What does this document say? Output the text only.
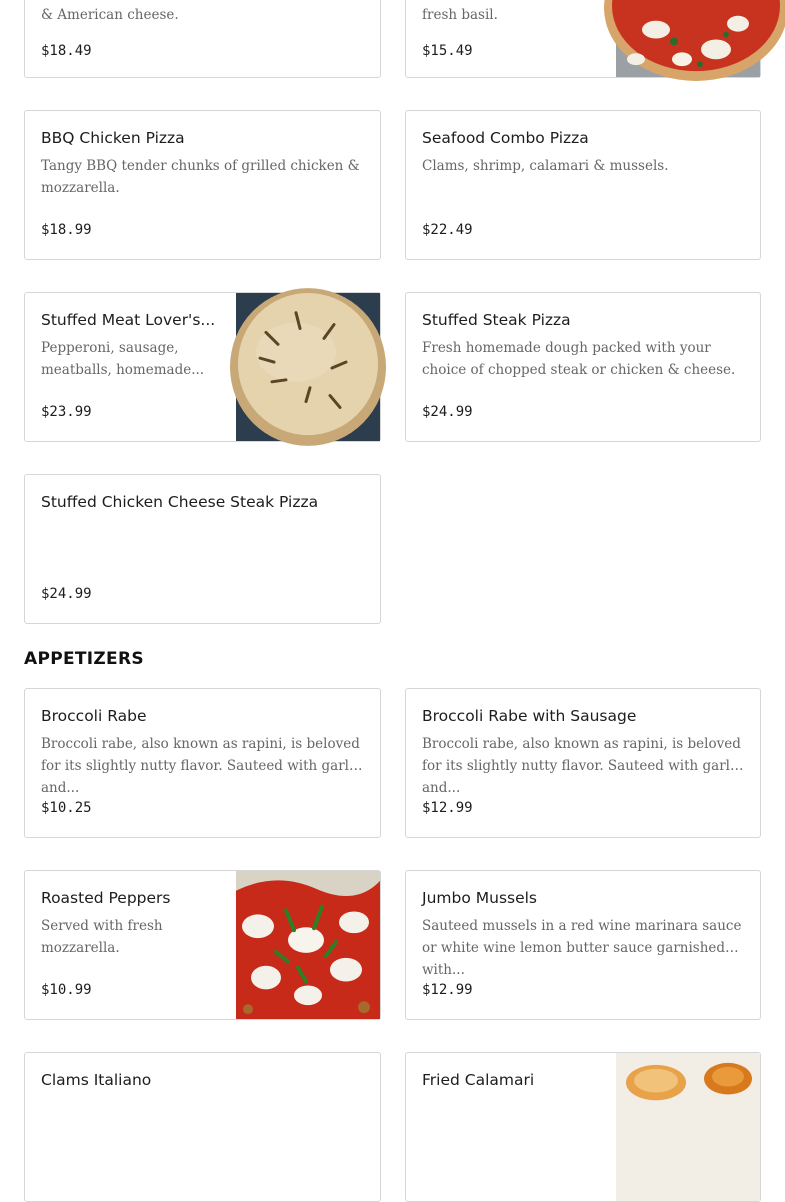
& American cheese.
$18.49
fresh basil.
$15.49
BBQ Chicken Pizza
Tangy BBQ tender chunks of grilled chicken & mozzarella.
$18.99
Seafood Combo Pizza
Clams, shrimp, calamari & mussels.
$22.49
Stuffed Meat Lover's...
Pepperoni, sausage, meatballs, homemade...
$23.99
Stuffed Steak Pizza
Fresh homemade dough packed with your choice of chopped steak or chicken & cheese.
$24.99
Stuffed Chicken Cheese Steak Pizza
$24.99
APPETIZERS
Broccoli Rabe
Broccoli rabe, also known as rapini, is beloved for its slightly nutty flavor. Sauteed with garlic and...
$10.25
Broccoli Rabe with Sausage
Broccoli rabe, also known as rapini, is beloved for its slightly nutty flavor. Sauteed with garlic and...
$12.99
Roasted Peppers
Served with fresh mozzarella.
$10.99
Jumbo Mussels
Sauteed mussels in a red wine marinara sauce or white wine lemon butter sauce garnished with...
$12.99
Clams Italiano	Fried Calamari
